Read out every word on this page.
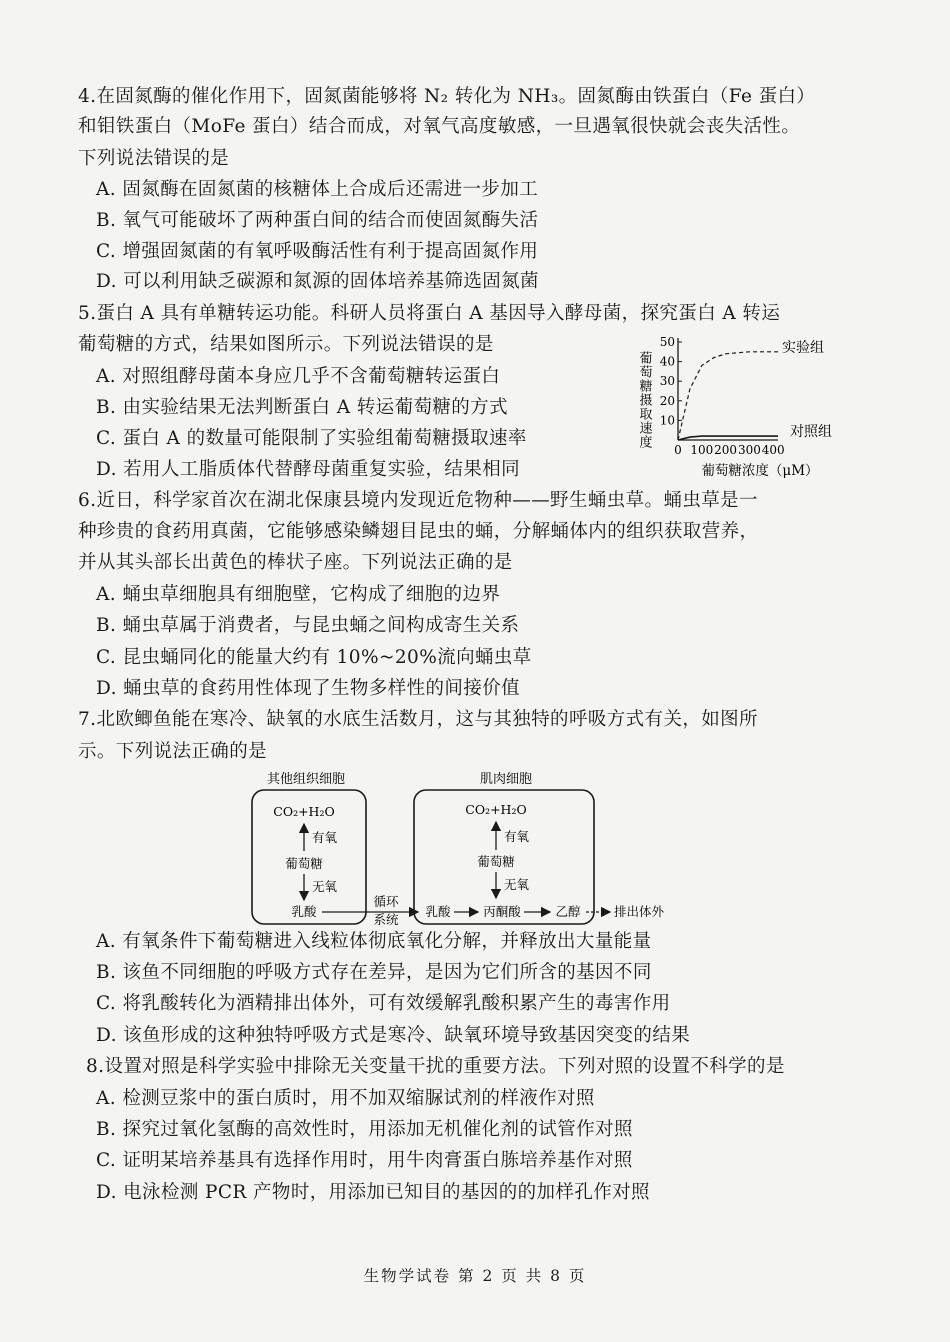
4.在固氮酶的催化作用下，固氮菌能够将 N₂ 转化为 NH₃。固氮酶由铁蛋白（Fe 蛋白）
和钼铁蛋白（MoFe 蛋白）结合而成，对氧气高度敏感，一旦遇氧很快就会丧失活性。
下列说法错误的是
A. 固氮酶在固氮菌的核糖体上合成后还需进一步加工
B. 氧气可能破坏了两种蛋白间的结合而使固氮酶失活
C. 增强固氮菌的有氧呼吸酶活性有利于提高固氮作用
D. 可以利用缺乏碳源和氮源的固体培养基筛选固氮菌
5.蛋白 A 具有单糖转运功能。科研人员将蛋白 A 基因导入酵母菌，探究蛋白 A 转运
葡萄糖的方式，结果如图所示。下列说法错误的是
A. 对照组酵母菌本身应几乎不含葡萄糖转运蛋白
B. 由实验结果无法判断蛋白 A 转运葡萄糖的方式
C. 蛋白 A 的数量可能限制了实验组葡萄糖摄取速率
D. 若用人工脂质体代替酵母菌重复实验，结果相同
葡萄糖摄取速度 10
20
30
40
50
0 100 200 300 400
实验组
对照组
葡萄糖浓度（μM）
6.近日，科学家首次在湖北保康县境内发现近危物种——野生蛹虫草。蛹虫草是一
种珍贵的食药用真菌，它能够感染鳞翅目昆虫的蛹，分解蛹体内的组织获取营养，
并从其头部长出黄色的棒状子座。下列说法正确的是
A. 蛹虫草细胞具有细胞壁，它构成了细胞的边界
B. 蛹虫草属于消费者，与昆虫蛹之间构成寄生关系
C. 昆虫蛹同化的能量大约有 10%~20%流向蛹虫草
D. 蛹虫草的食药用性体现了生物多样性的间接价值
7.北欧鲫鱼能在寒冷、缺氧的水底生活数月，这与其独特的呼吸方式有关，如图所
示。下列说法正确的是
其他组织细胞	肌肉细胞
CO₂+H₂O
有氧
葡萄糖
无氧
乳酸
循环
系统
CO₂+H₂O
有氧
葡萄糖
无氧
乳酸	丙酮酸	乙醇	排出体外
A. 有氧条件下葡萄糖进入线粒体彻底氧化分解，并释放出大量能量
B. 该鱼不同细胞的呼吸方式存在差异，是因为它们所含的基因不同
C. 将乳酸转化为酒精排出体外，可有效缓解乳酸积累产生的毒害作用
D. 该鱼形成的这种独特呼吸方式是寒冷、缺氧环境导致基因突变的结果
8.设置对照是科学实验中排除无关变量干扰的重要方法。下列对照的设置不科学的是
A. 检测豆浆中的蛋白质时，用不加双缩脲试剂的样液作对照
B. 探究过氧化氢酶的高效性时，用添加无机催化剂的试管作对照
C. 证明某培养基具有选择作用时，用牛肉膏蛋白胨培养基作对照
D. 电泳检测 PCR 产物时，用添加已知目的基因的的加样孔作对照
生物学试卷 第 2 页 共 8 页
